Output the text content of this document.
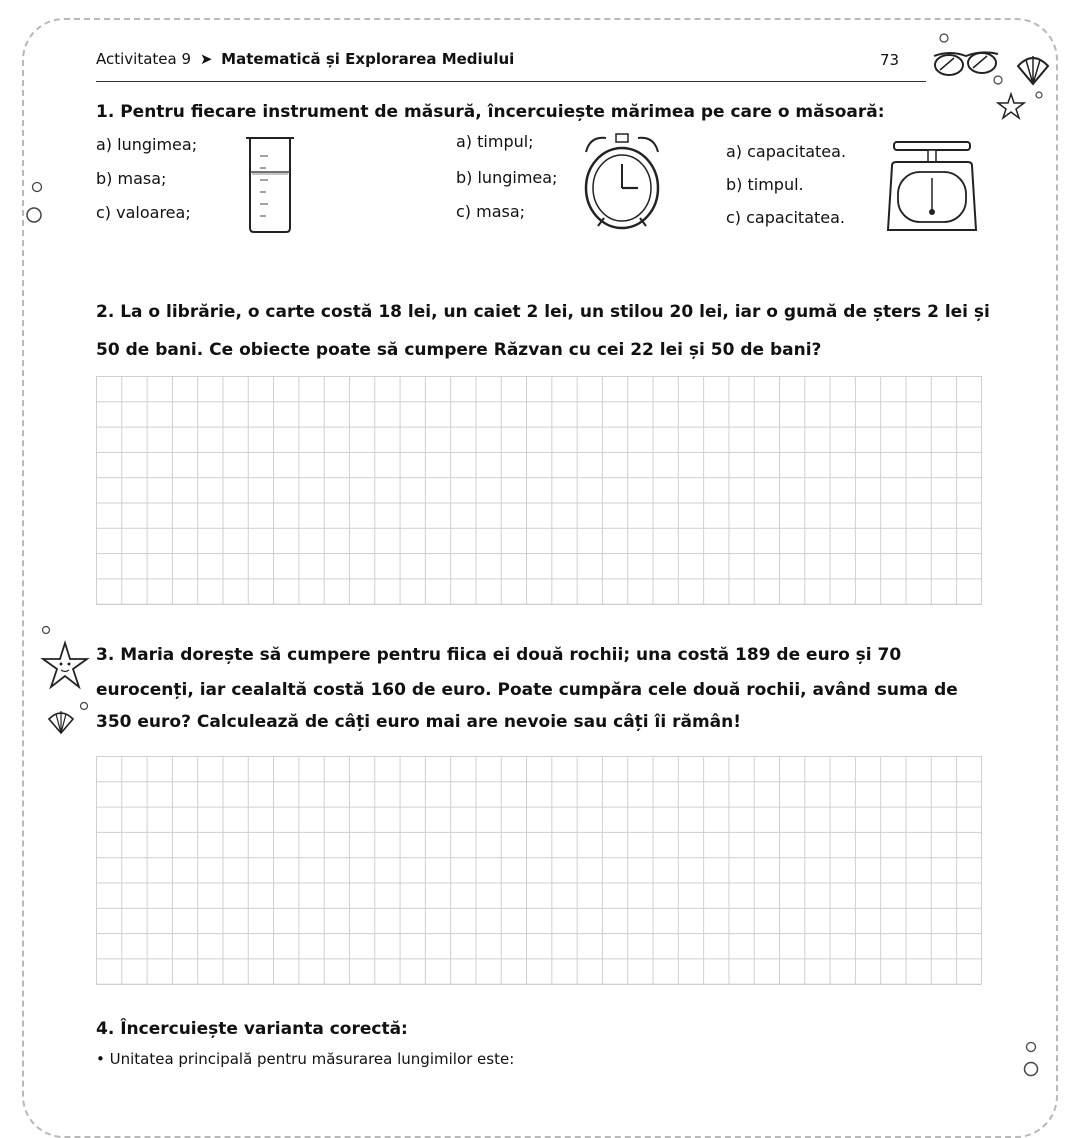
Activitatea 9 ➤ Matematică și Explorarea Mediului	73
1. Pentru fiecare instrument de măsură, încercuiește mărimea pe care o măsoară:
a) lungimea;
b) masa;
c) valoarea;
a) timpul;
b) lungimea;
c) masa;
a) capacitatea.
b) timpul.
c) capacitatea.
2. La o librărie, o carte costă 18 lei, un caiet 2 lei, un stilou 20 lei, iar o gumă de șters 2 lei și
50 de bani. Ce obiecte poate să cumpere Răzvan cu cei 22 lei și 50 de bani?
3. Maria dorește să cumpere pentru fiica ei două rochii; una costă 189 de euro și 70
eurocenți, iar cealaltă costă 160 de euro. Poate cumpăra cele două rochii, având suma de
350 euro? Calculează de câți euro mai are nevoie sau câți îi rămân!
4. Încercuiește varianta corectă:
• Unitatea principală pentru măsurarea lungimilor este:
